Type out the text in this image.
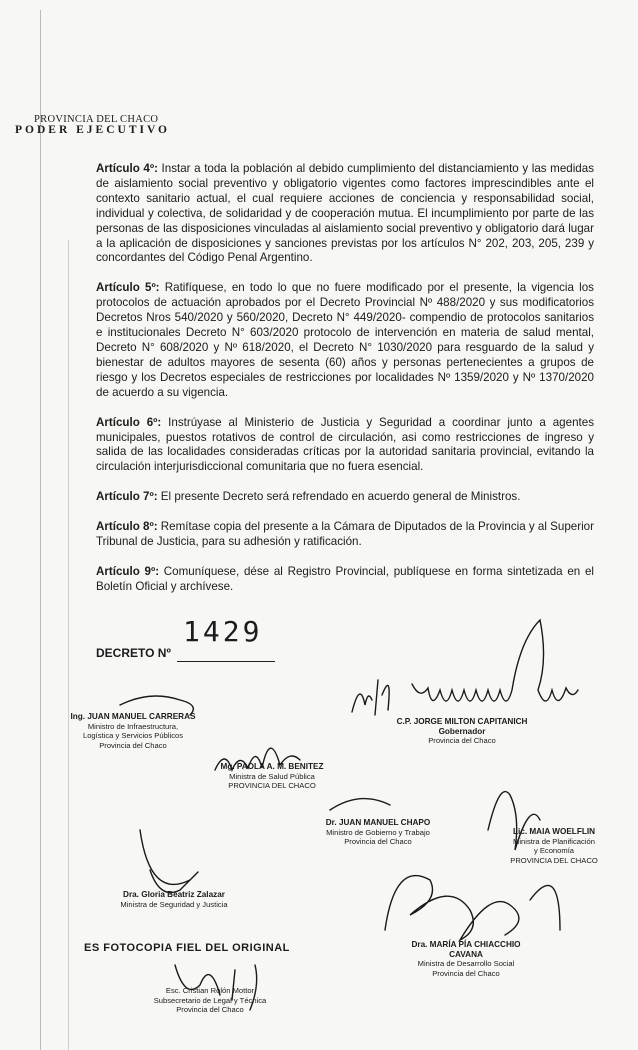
PROVINCIA DEL CHACO
PODER EJECUTIVO

Artículo 4º: Instar a toda la población al debido cumplimiento del distanciamiento y las medidas de aislamiento social preventivo y obligatorio vigentes como factores imprescindibles ante el contexto sanitario actual, el cual requiere acciones de conciencia y responsabilidad social, individual y colectiva, de solidaridad y de cooperación mutua. El incumplimiento por parte de las personas de las disposiciones vinculadas al aislamiento social preventivo y obligatorio dará lugar a la aplicación de disposiciones y sanciones previstas por los artículos N° 202, 203, 205, 239 y concordantes del Código Penal Argentino.

Artículo 5º: Ratifíquese, en todo lo que no fuere modificado por el presente, la vigencia los protocolos de actuación aprobados por el Decreto Provincial Nº 488/2020 y sus modificatorios Decretos Nros 540/2020 y 560/2020, Decreto N° 449/2020- compendio de protocolos sanitarios e institucionales Decreto N° 603/2020 protocolo de intervención en materia de salud mental, Decreto N° 608/2020 y Nº 618/2020, el Decreto N° 1030/2020 para resguardo de la salud y bienestar de adultos mayores de sesenta (60) años y personas pertenecientes a grupos de riesgo y los Decretos especiales de restricciones por localidades Nº 1359/2020 y Nº 1370/2020 de acuerdo a su vigencia.

Artículo 6º: Instrúyase al Ministerio de Justicia y Seguridad a coordinar junto a agentes municipales, puestos rotativos de control de circulación, asi como restricciones de ingreso y salida de las localidades consideradas críticas por la autoridad sanitaria provincial, evitando la circulación interjurisdiccional comunitaria que no fuera esencial.

Artículo 7º: El presente Decreto será refrendado en acuerdo general de Ministros.

Artículo 8º: Remítase copia del presente a la Cámara de Diputados de la Provincia y al Superior Tribunal de Justicia, para su adhesión y ratificación.

Artículo 9º: Comuníquese, dése al Registro Provincial, publíquese en forma sintetizada en el Boletín Oficial y archívese.

DECRETO Nº
1429
Ing. JUAN MANUEL CARRERAS
Ministro de Infraestructura,
Logística y Servicios Públicos
Provincia del Chaco
C.P. JORGE MILTON CAPITANICH
Gobernador
Provincia del Chaco
Mg. PAOLA A. M. BENITEZ
Ministra de Salud Pública
PROVINCIA DEL CHACO
Dr. JUAN MANUEL CHAPO
Ministro de Gobierno y Trabajo
Provincia del Chaco
Lic. MAIA WOELFLIN
Ministra de Planificación
y Economía
PROVINCIA DEL CHACO
Dra. Gloria Beatriz Zalazar
Ministra de Seguridad y Justicia
Dra. MARÍA PÍA CHIACCHIO CAVANA
Ministra de Desarrollo Social
Provincia del Chaco
ES FOTOCOPIA FIEL DEL ORIGINAL
Esc. Cristian Rolón Mottor
Subsecretario de Legal y Técnica
Provincia del Chaco
